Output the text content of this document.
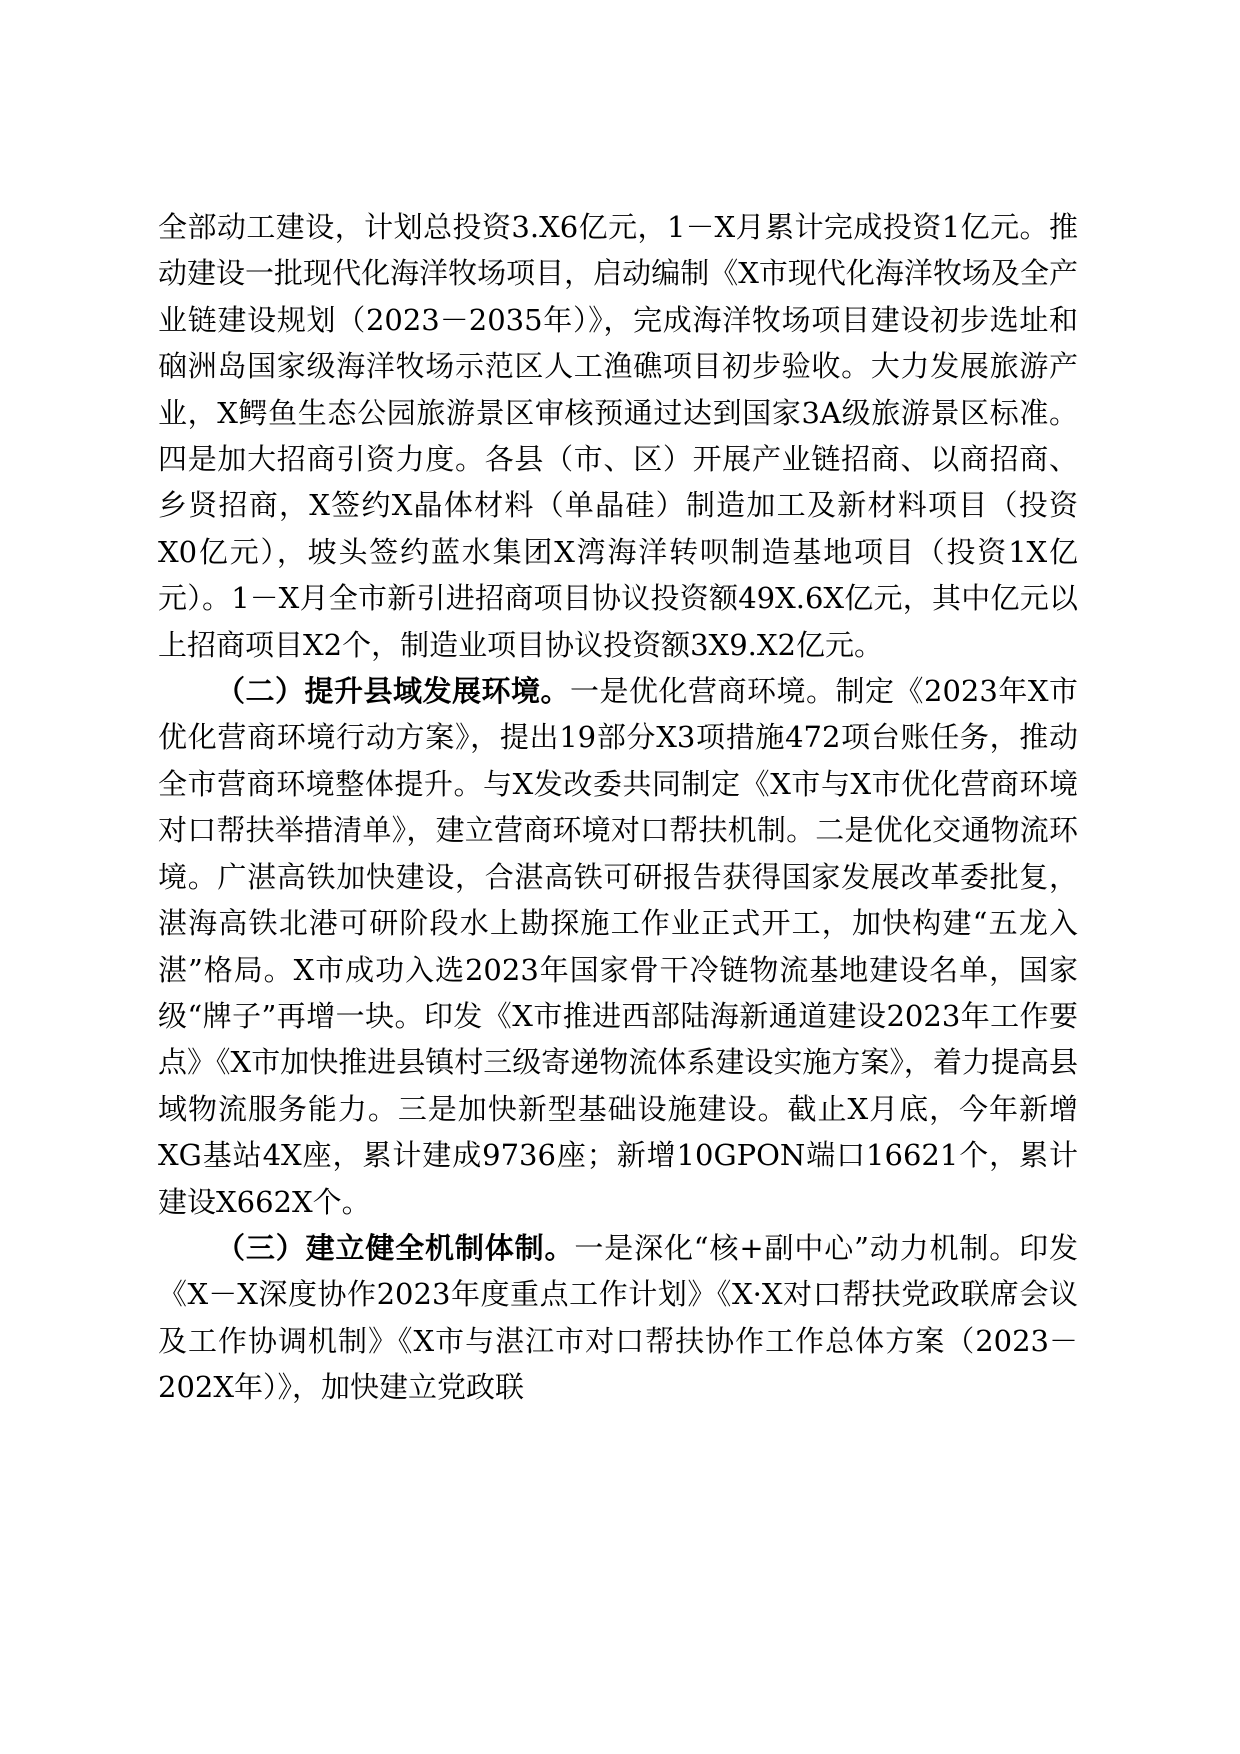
全部动工建设，计划总投资3.X6亿元，1－X月累计完成投资1亿元。推动建设一批现代化海洋牧场项目，启动编制《X市现代化海洋牧场及全产业链建设规划（2023－2035年）》，完成海洋牧场项目建设初步选址和硇洲岛国家级海洋牧场示范区人工渔礁项目初步验收。大力发展旅游产业，X鳄鱼生态公园旅游景区审核预通过达到国家3A级旅游景区标准。四是加大招商引资力度。各县（市、区）开展产业链招商、以商招商、乡贤招商，X签约X晶体材料（单晶硅）制造加工及新材料项目（投资X0亿元），坡头签约蓝水集团X湾海洋转呗制造基地项目（投资1X亿元）。1－X月全市新引进招商项目协议投资额49X.6X亿元，其中亿元以上招商项目X2个，制造业项目协议投资额3X9.X2亿元。

（二）提升县域发展环境。一是优化营商环境。制定《2023年X市优化营商环境行动方案》，提出19部分X3项措施472项台账任务，推动全市营商环境整体提升。与X发改委共同制定《X市与X市优化营商环境对口帮扶举措清单》，建立营商环境对口帮扶机制。二是优化交通物流环境。广湛高铁加快建设，合湛高铁可研报告获得国家发展改革委批复，湛海高铁北港可研阶段水上勘探施工作业正式开工，加快构建“五龙入湛”格局。X市成功入选2023年国家骨干冷链物流基地建设名单，国家级“牌子”再增一块。印发《X市推进西部陆海新通道建设2023年工作要点》《X市加快推进县镇村三级寄递物流体系建设实施方案》，着力提高县域物流服务能力。三是加快新型基础设施建设。截止X月底，今年新增XG基站4X座，累计建成9736座；新增10GPON端口16621个，累计建设X662X个。

（三）建立健全机制体制。一是深化“核+副中心”动力机制。印发《X－X深度协作2023年度重点工作计划》《X·X对口帮扶党政联席会议及工作协调机制》《X市与湛江市对口帮扶协作工作总体方案（2023－202X年）》，加快建立党政联
